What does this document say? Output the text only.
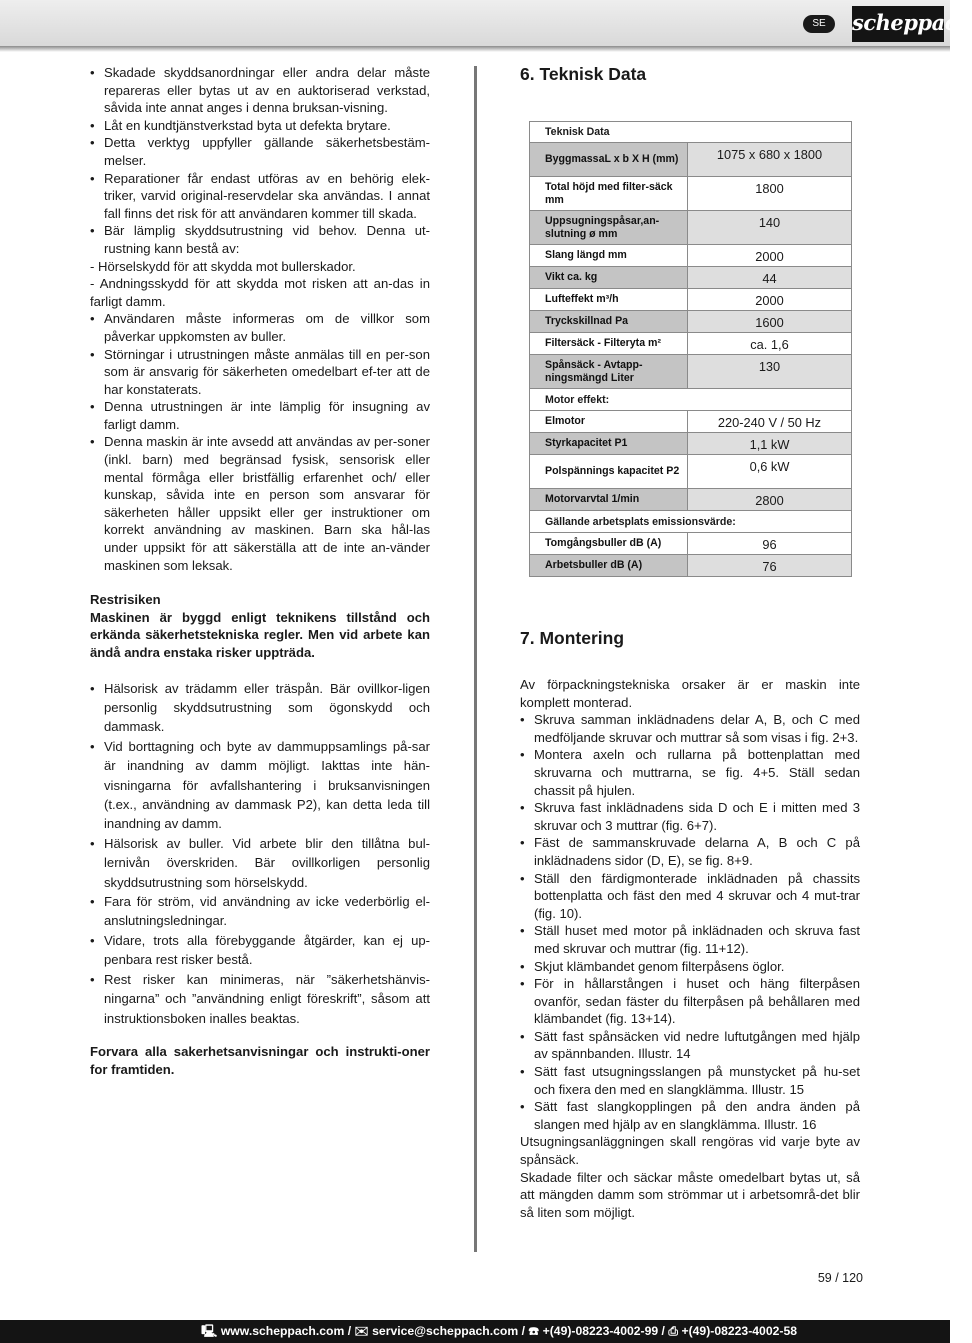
SE	scheppach
• Skadade skyddsanordningar eller andra delar måste repareras eller bytas ut av en auktoriserad verkstad, såvida inte annat anges i denna bruksan-visning.
• Låt en kundtjänstverkstad byta ut defekta brytare.
• Detta verktyg uppfyller gällande säkerhetsbestäm-melser.
• Reparationer får endast utföras av en behörig elek-triker, varvid original-reservdelar ska användas. I annat fall finns det risk för att användaren kommer till skada.
• Bär lämplig skyddsutrustning vid behov. Denna ut-rustning kann bestå av:
- Hörselskydd för att skydda mot bullerskador.
- Andningsskydd för att skydda mot risken att an-das in farligt damm.
• Användaren måste informeras om de villkor som påverkar uppkomsten av buller.
• Störningar i utrustningen måste anmälas till en per-son som är ansvarig för säkerheten omedelbart ef-ter att de har konstaterats.
• Denna utrustningen är inte lämplig för insugning av farligt damm.
• Denna maskin är inte avsedd att användas av per-soner (inkl. barn) med begränsad fysisk, sensorisk eller mental förmåga eller bristfällig erfarenhet och/ eller kunskap, såvida inte en person som ansvarar för säkerheten håller uppsikt eller ger instruktioner om korrekt användning av maskinen. Barn ska hål-las under uppsikt för att säkerställa att de inte an-vänder maskinen som leksak.
Restrisiken
Maskinen är byggd enligt teknikens tillstånd och erkända säkerhetstekniska regler. Men vid arbete kan ändå andra enstaka risker uppträda.
• Hälsorisk av trädamm eller träspån. Bär ovillkor-ligen personlig skyddsutrustning som ögonskydd och dammask.
• Vid borttagning och byte av dammuppsamlings på-sar är inandning av damm möjligt. Iakttas inte hän-visningarna för avfallshantering i bruksanvisningen (t.ex., användning av dammask P2), kan detta leda till inandning av damm.
• Hälsorisk av buller. Vid arbete blir den tillåtna bul-lernivån överskriden. Bär ovillkorligen personlig skyddsutrustning som hörselskydd.
• Fara för ström, vid användning av icke vederbörlig el-anslutningsledningar.
• Vidare, trots alla förebyggande åtgärder, kan ej up-penbara rest risker bestå.
• Rest risker kan minimeras, när ”säkerhetshänvis-ningarna” och ”användning enligt föreskrift”, såsom att instruktionsboken inalles beaktas.
Forvara alla sakerhetsanvisningar och instrukti-oner for framtiden.
6. Teknisk Data
Teknisk Data	
ByggmassaL x b X H (mm)	1075 x 680 x 1800
Total höjd med filter-säck mm	1800
Uppsugningspåsar,an-slutning ø mm	140
Slang längd mm	2000
Vikt ca. kg	44
Lufteffekt m³/h	2000
Tryckskillnad Pa	1600
Filtersäck - Filteryta m²	ca. 1,6
Spånsäck - Avtapp-ningsmängd Liter	130
Motor effekt:	
Elmotor	220-240 V / 50 Hz
Styrkapacitet P1	1,1 kW
Polspännings kapacitet P2	0,6 kW
Motorvarvtal 1/min	2800
Gällande arbetsplats emissionsvärde:	
Tomgångsbuller dB (A)	96
Arbetsbuller dB (A)	76
7. Montering

Av förpackningstekniska orsaker är er maskin inte komplett monterad.

• Skruva samman inklädnadens delar A, B, och C med medföljande skruvar och muttrar så som visas i fig. 2+3.
• Montera axeln och rullarna på bottenplattan med skruvarna och muttrarna, se fig. 4+5. Ställ sedan chassit på hjulen.
• Skruva fast inklädnadens sida D och E i mitten med 3 skruvar och 3 muttrar (fig. 6+7).
• Fäst de sammanskruvade delarna A, B och C på inklädnadens sidor (D, E), se fig. 8+9.
• Ställ den färdigmonterade inklädnaden på chassits bottenplatta och fäst den med 4 skruvar och 4 mut-trar (fig. 10).
• Ställ huset med motor på inklädnaden och skruva fast med skruvar och muttrar (fig. 11+12).
• Skjut klämbandet genom filterpåsens öglor.
• För in hållarstången i huset och häng filterpåsen ovanför, sedan fäster du filterpåsen på behållaren med klämbandet (fig. 13+14).
• Sätt fast spånsäcken vid nedre luftutgången med hjälp av spännbanden. Illustr. 14
• Sätt fast utsugningsslangen på munstycket på hu-set och fixera den med en slangklämma. Illustr. 15
• Sätt fast slangkopplingen på den andra änden på slangen med hjälp av en slangklämma. Illustr. 16

Utsugningsanläggningen skall rengöras vid varje byte av spånsäck.

Skadade filter och säckar måste omedelbart bytas ut, så att mängden damm som strömmar ut i arbetsområ-det blir så liten som möjligt.

59 / 120
🖳 www.scheppach.com / ✉ service@scheppach.com / ☎ +(49)-08223-4002-99 / ⎙ +(49)-08223-4002-58
